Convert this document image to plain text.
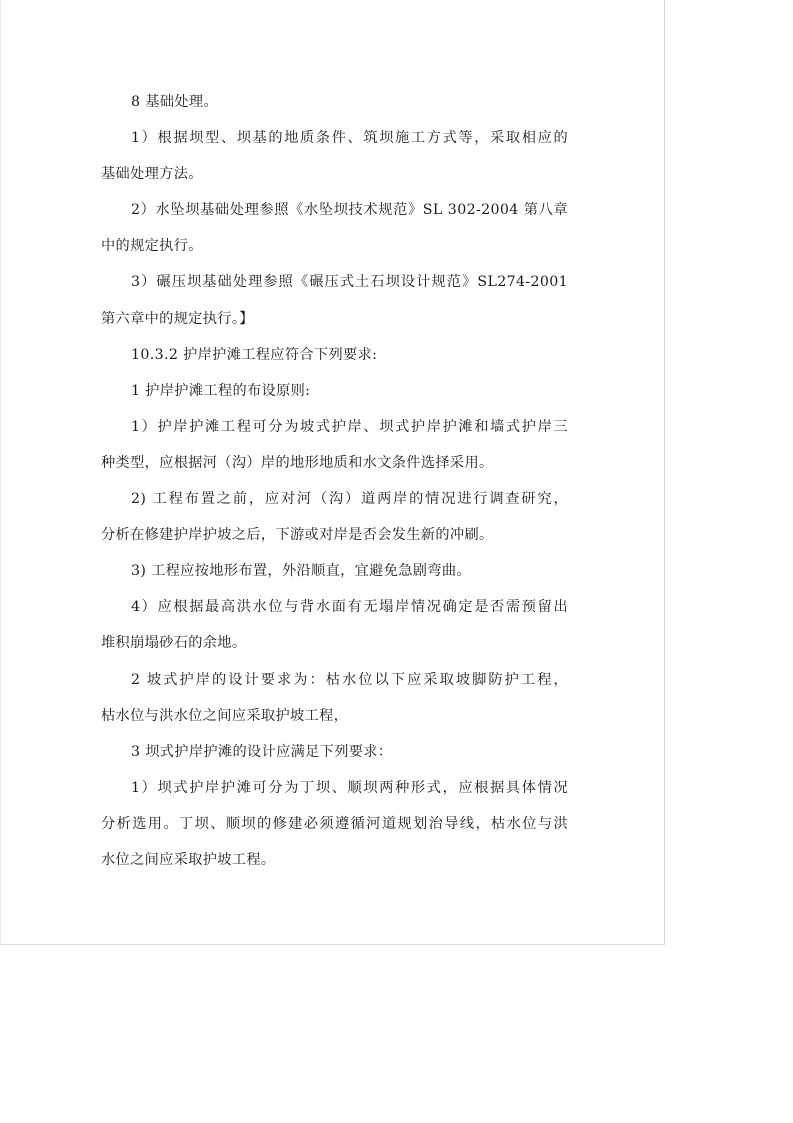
8 基础处理。
1）根据坝型、坝基的地质条件、筑坝施工方式等，采取相应的
基础处理方法。
2）水坠坝基础处理参照《水坠坝技术规范》SL 302-2004 第八章
中的规定执行。
3）碾压坝基础处理参照《碾压式土石坝设计规范》SL274-2001
第六章中的规定执行。】
10.3.2 护岸护滩工程应符合下列要求:
1 护岸护滩工程的布设原则:
1）护岸护滩工程可分为坡式护岸、坝式护岸护滩和墙式护岸三
种类型，应根据河（沟）岸的地形地质和水文条件选择采用。
2) 工程布置之前，应对河（沟）道两岸的情况进行调查研究，
分析在修建护岸护坡之后，下游或对岸是否会发生新的冲刷。
3) 工程应按地形布置，外沿顺直，宜避免急剧弯曲。
4）应根据最高洪水位与背水面有无塌岸情况确定是否需预留出
堆积崩塌砂石的余地。
2 坡式护岸的设计要求为：枯水位以下应采取坡脚防护工程，
枯水位与洪水位之间应采取护坡工程，
3 坝式护岸护滩的设计应满足下列要求：
1）坝式护岸护滩可分为丁坝、顺坝两种形式，应根据具体情况
分析选用。丁坝、顺坝的修建必须遵循河道规划治导线，枯水位与洪
水位之间应采取护坡工程。
